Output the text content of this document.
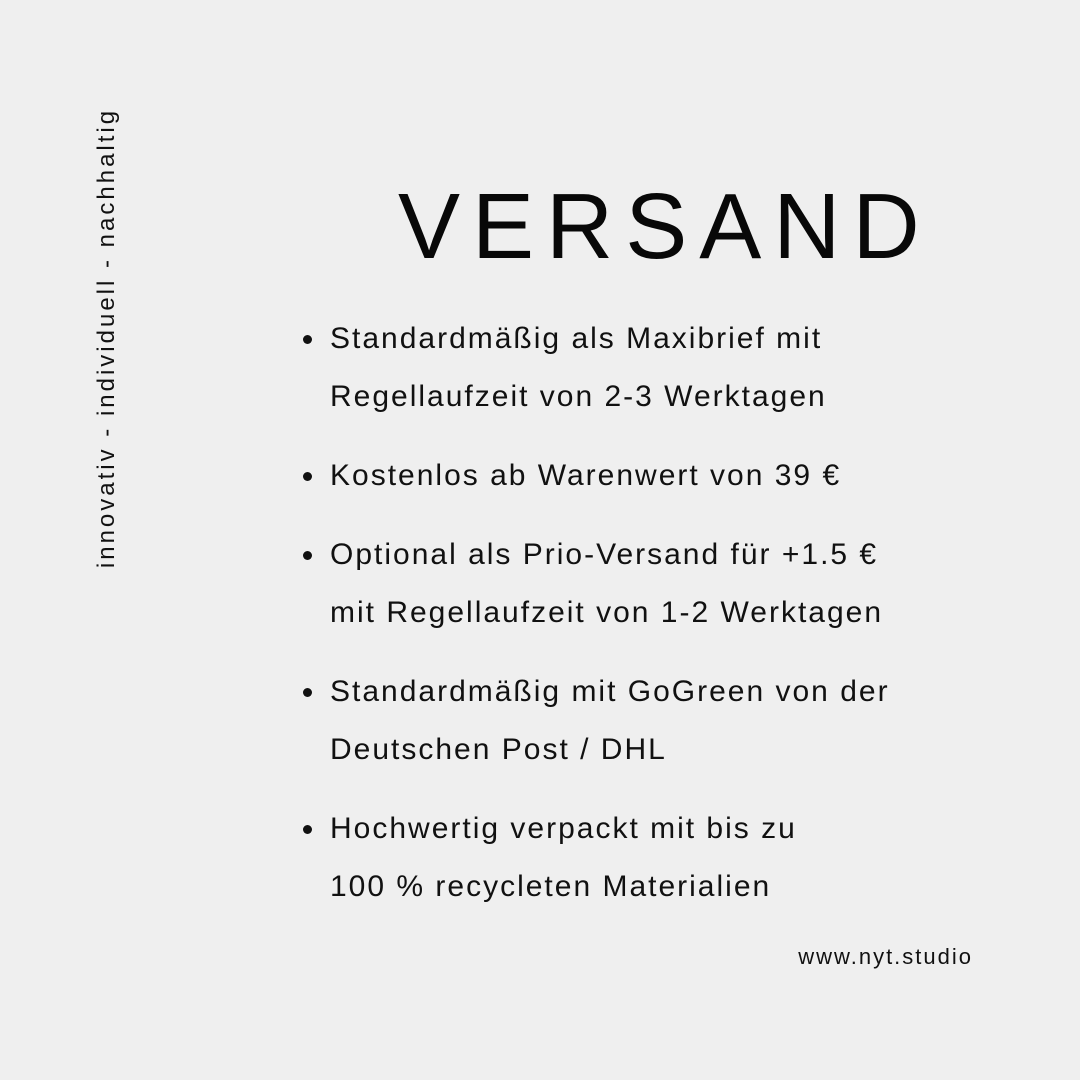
innovativ - individuell - nachhaltig	VERSAND
Standardmäßig als Maxibrief mit
Regellaufzeit von 2-3 Werktagen
Kostenlos ab Warenwert von 39 €
Optional als Prio-Versand für +1.5 €
mit Regellaufzeit von 1-2 Werktagen
Standardmäßig mit GoGreen von der
Deutschen Post / DHL
Hochwertig verpackt mit bis zu
100 % recycleten Materialien
www.nyt.studio
